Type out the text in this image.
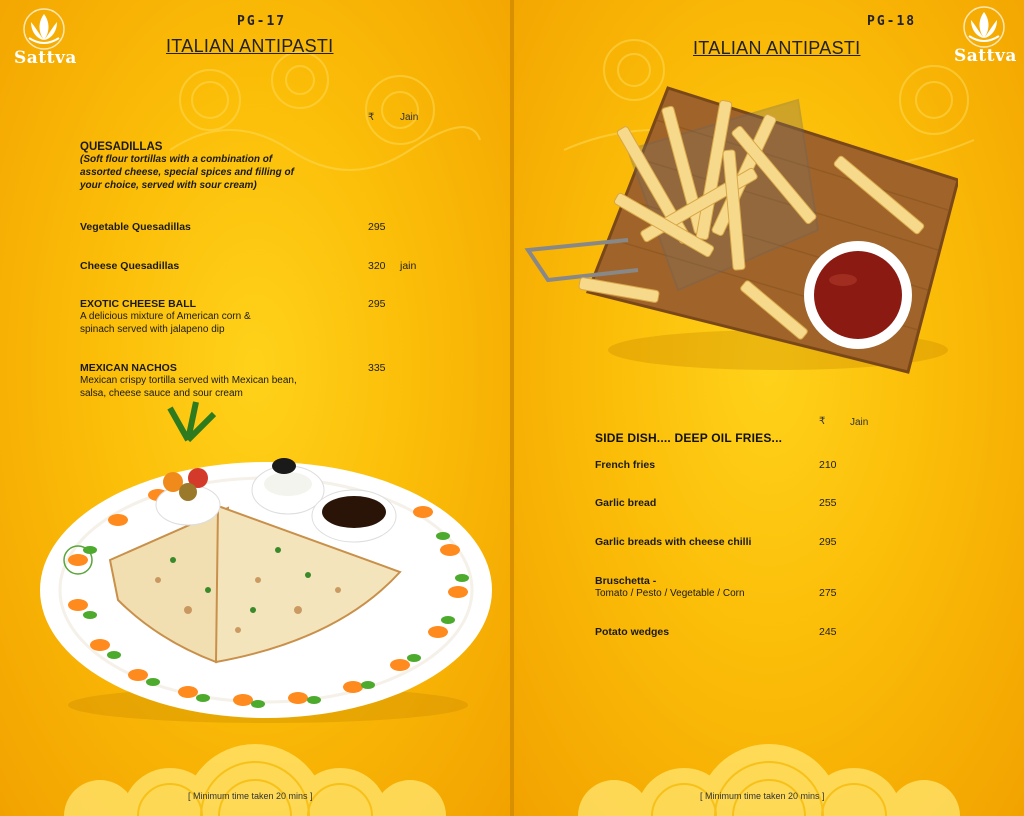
Sattva
PG-17
ITALIAN ANTIPASTI
₹	Jain
QUESADILLAS
(Soft flour tortillas with a combination of assorted cheese, special spices and filling of your choice, served with sour cream)
Vegetable Quesadillas	295
Cheese Quesadillas	320 jain
EXOTIC CHEESE BALL
A delicious mixture of American corn & spinach served with jalapeno dip
295
MEXICAN NACHOS
Mexican crispy tortilla served with Mexican bean, salsa, cheese sauce and sour cream
335
[ Minimum time taken 20 mins ]
PG-18
ITALIAN ANTIPASTI	Sattva
₹ Jain
SIDE DISH.... DEEP OIL FRIES...
French fries	210
Garlic bread	255
Garlic breads with cheese chilli	295
Bruschetta -
Tomato / Pesto / Vegetable / Corn	275
Potato wedges	245
[ Minimum time taken 20 mins ]
